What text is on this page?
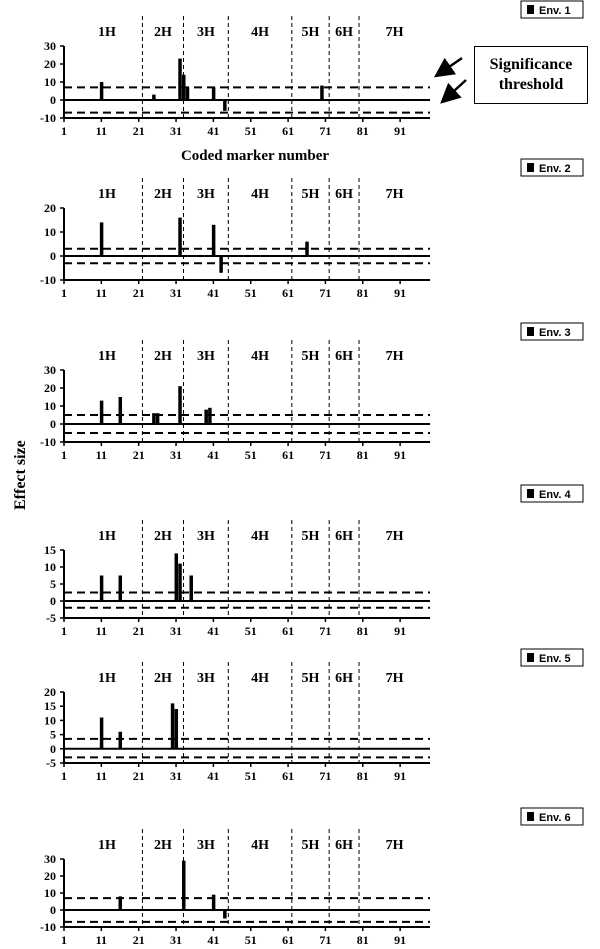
Env. 1
1H	2H 3H	4H 5H 6H 7H
-10
0
10
20
30
1 11 21 31 41 51 61 71 81 91
Env. 2
1H	2H 3H	4H 5H 6H 7H
-10
0
10
20
1 11 21 31 41 51 61 71 81 91
Env. 3
1H	2H 3H	4H 5H 6H 7H
-10
0
10
20
30
1 11 21 31 41 51 61 71 81 91
Env. 4
1H	2H 3H	4H 5H 6H 7H
-5
0
5
10
15
1 11 21 31 41 51 61 71 81 91
Env. 5
1H	2H 3H	4H 5H 6H 7H
-5
0
5
10
15
20
1 11 21 31 41 51 61 71 81 91
Env. 6
1H	2H 3H	4H 5H 6H 7H
-10
0
10
20
30
1 11 21 31 41 51 61 71 81 91
Effect size
Coded marker number
Significance
threshold
